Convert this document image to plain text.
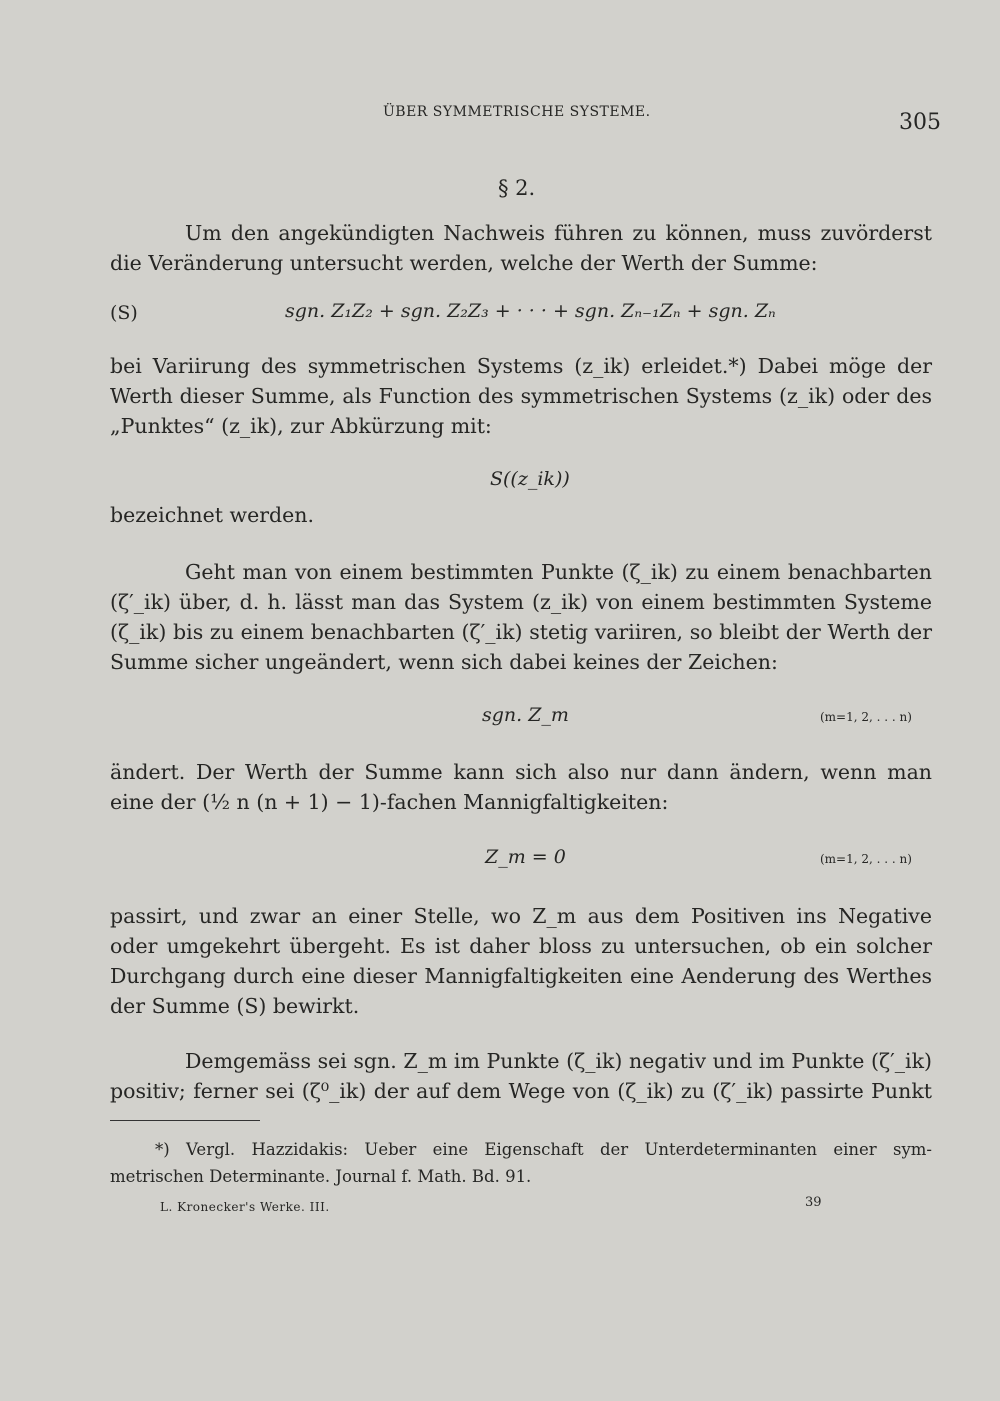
ÜBER SYMMETRISCHE SYSTEME.	305
§ 2.
Um den angekündigten Nachweis führen zu können, muss zuvörderst
die Veränderung untersucht werden, welche der Werth der Summe:
(S)	sgn. Z₁Z₂ + sgn. Z₂Z₃ + · · · + sgn. Zₙ₋₁Zₙ + sgn. Zₙ
bei Variirung des symmetrischen Systems (z_ik) erleidet.*) Dabei möge der
Werth dieser Summe, als Function des symmetrischen Systems (z_ik) oder des
„Punktes“ (z_ik), zur Abkürzung mit:
S((z_ik))
bezeichnet werden.
Geht man von einem bestimmten Punkte (ζ_ik) zu einem benachbarten
(ζ′_ik) über, d. h. lässt man das System (z_ik) von einem bestimmten Systeme
(ζ_ik) bis zu einem benachbarten (ζ′_ik) stetig variiren, so bleibt der Werth der
Summe sicher ungeändert, wenn sich dabei keines der Zeichen:
sgn. Z_m	(m=1, 2, . . . n)
ändert. Der Werth der Summe kann sich also nur dann ändern, wenn man
eine der (½ n (n + 1) − 1)-fachen Mannigfaltigkeiten:
Z_m = 0	(m=1, 2, . . . n)
passirt, und zwar an einer Stelle, wo Z_m aus dem Positiven ins Negative
oder umgekehrt übergeht. Es ist daher bloss zu untersuchen, ob ein solcher
Durchgang durch eine dieser Mannigfaltigkeiten eine Aenderung des Werthes
der Summe (S) bewirkt.
Demgemäss sei sgn. Z_m im Punkte (ζ_ik) negativ und im Punkte (ζ′_ik)
positiv; ferner sei (ζ⁰_ik) der auf dem Wege von (ζ_ik) zu (ζ′_ik) passirte Punkt
*) Vergl. Hazzidakis: Ueber eine Eigenschaft der Unterdeterminanten einer sym-
metrischen Determinante. Journal f. Math. Bd. 91.
L. Kronecker's Werke. III.	39
